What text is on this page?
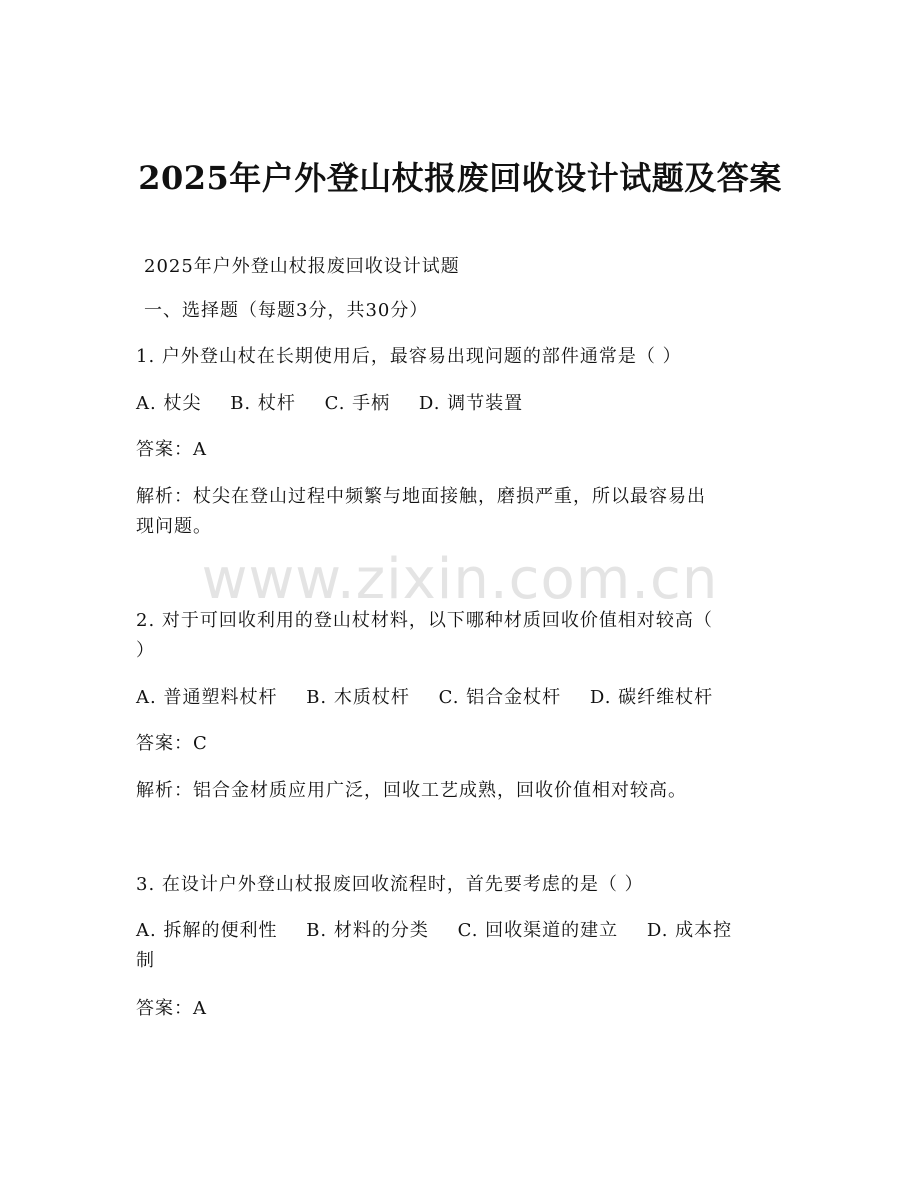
www.zixin.com.cn
2025年户外登山杖报废回收设计试题及答案
2025年户外登山杖报废回收设计试题
一、选择题（每题3分，共30分）
1. 户外登山杖在长期使用后，最容易出现问题的部件通常是（ ）
A. 杖尖 B. 杖杆 C. 手柄 D. 调节装置
答案：A
解析：杖尖在登山过程中频繁与地面接触，磨损严重，所以最容易出
现问题。
2. 对于可回收利用的登山杖材料，以下哪种材质回收价值相对较高（
）
A. 普通塑料杖杆 B. 木质杖杆 C. 铝合金杖杆 D. 碳纤维杖杆
答案：C
解析：铝合金材质应用广泛，回收工艺成熟，回收价值相对较高。
3. 在设计户外登山杖报废回收流程时，首先要考虑的是（ ）
A. 拆解的便利性 B. 材料的分类 C. 回收渠道的建立 D. 成本控
制
答案：A
